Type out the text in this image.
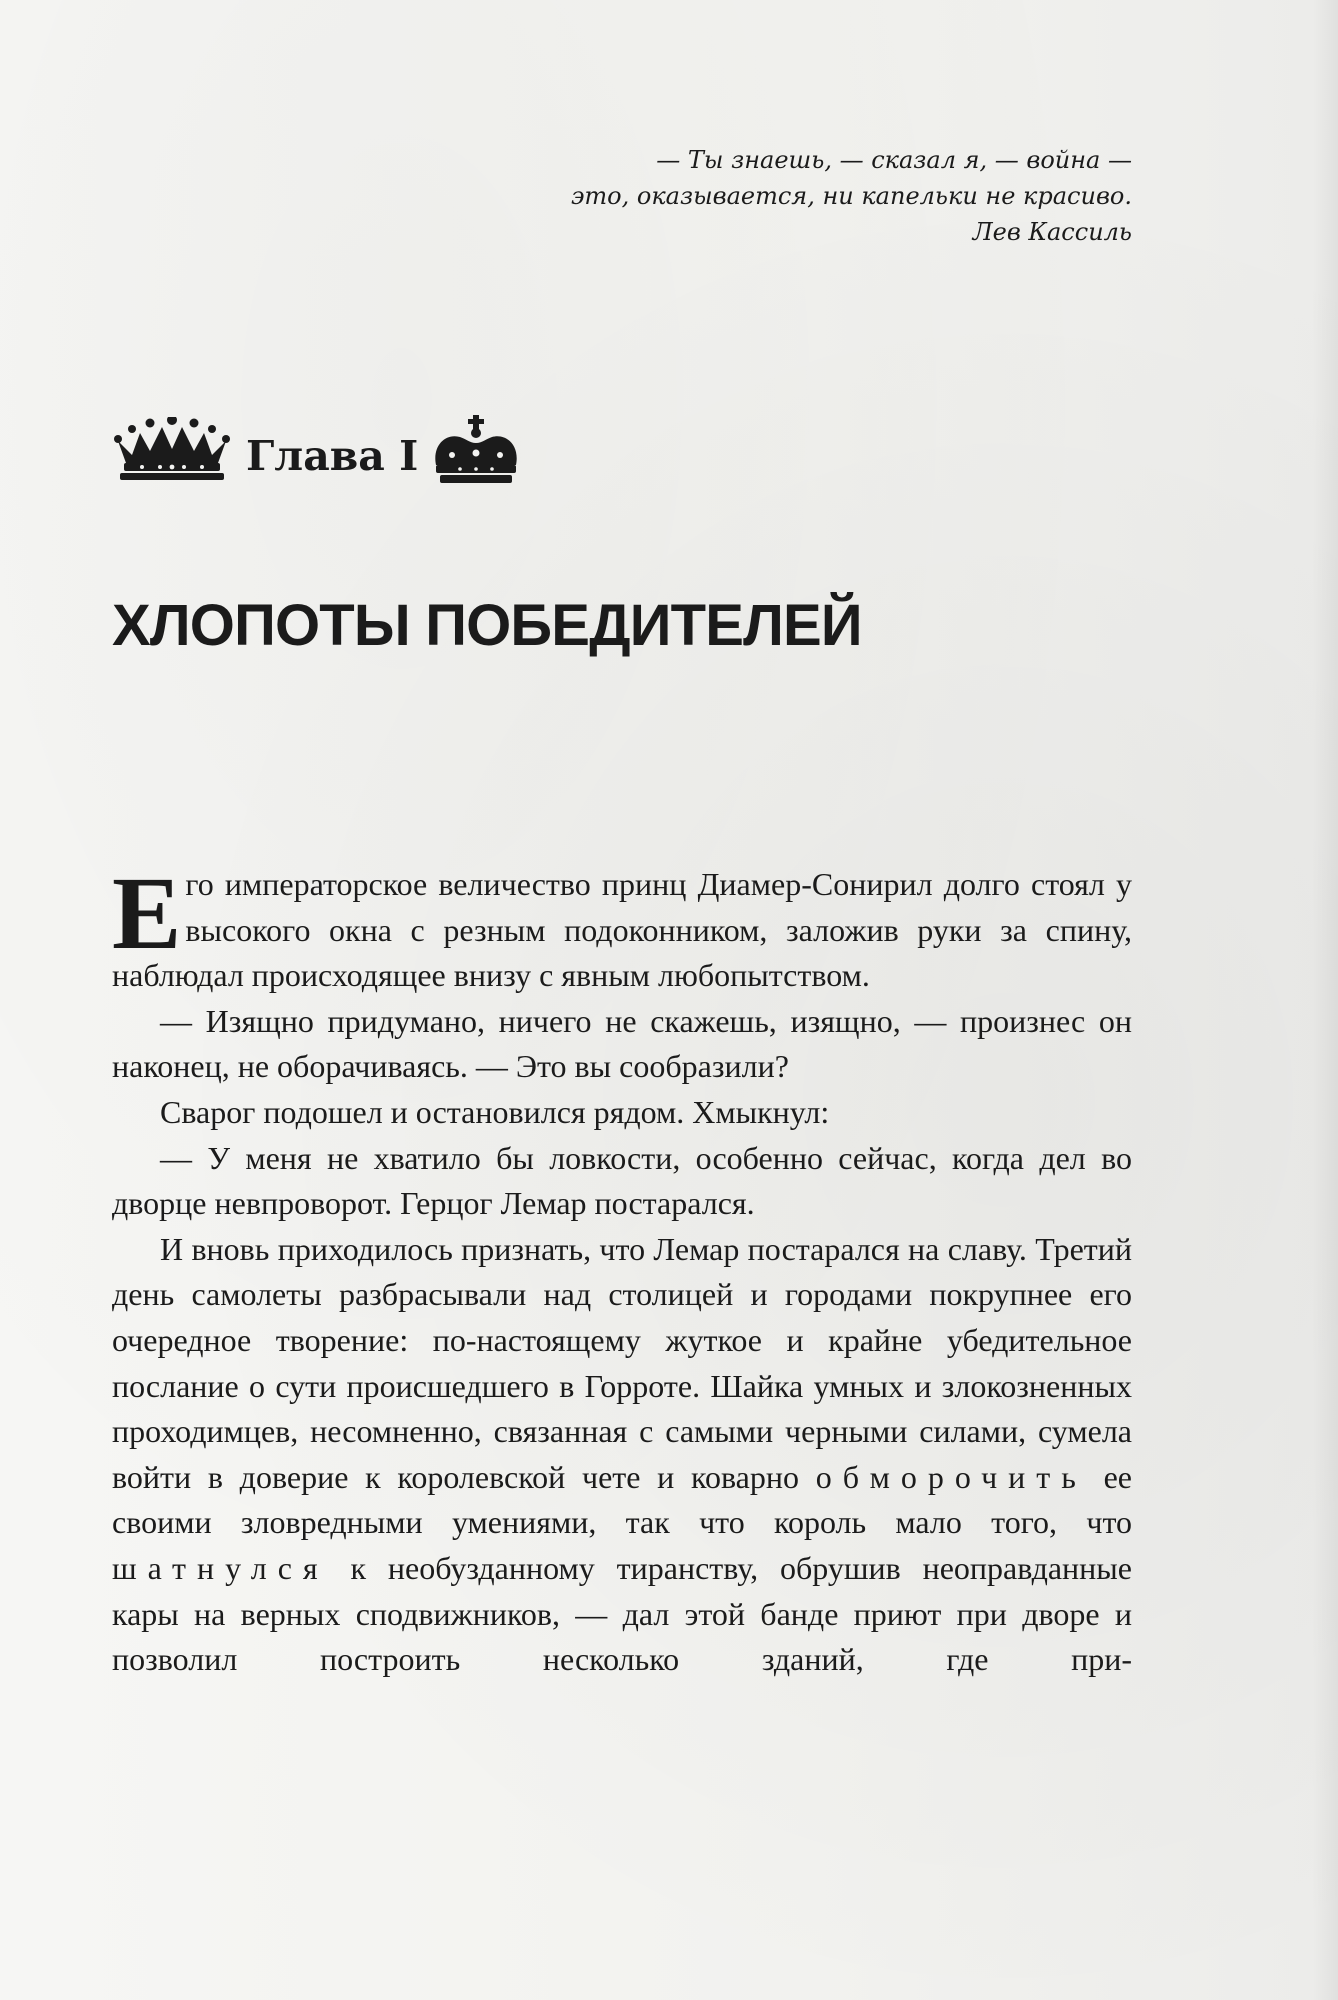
— Ты знаешь, — сказал я, — война —
это, оказывается, ни капельки не красиво.
Лев Кассиль
Глава I
ХЛОПОТЫ ПОБЕДИТЕЛЕЙ

Его императорское величество принц Диамер-Сонирил долго стоял у высокого окна с резным подоконником, заложив руки за спину, наблюдал происходящее внизу с явным любопытством.

— Изящно придумано, ничего не скажешь, изящно, — произнес он наконец, не оборачиваясь. — Это вы сообразили?

Сварог подошел и остановился рядом. Хмыкнул:

— У меня не хватило бы ловкости, особенно сейчас, когда дел во дворце невпроворот. Герцог Лемар постарался.

И вновь приходилось признать, что Лемар постарался на славу. Третий день самолеты разбрасывали над столицей и городами покрупнее его очередное творение: по-настоящему жуткое и крайне убедительное послание о сути происшедшего в Горроте. Шайка умных и злокозненных проходимцев, несомненно, связанная с самыми черными силами, сумела войти в доверие к королевской чете и коварно обморочить ее своими зловредными умениями, так что король мало того, что шатнулся к необузданному тиранству, обрушив неоправданные кары на верных сподвижников, — дал этой банде приют при дворе и позволил построить несколько зданий, где при-
